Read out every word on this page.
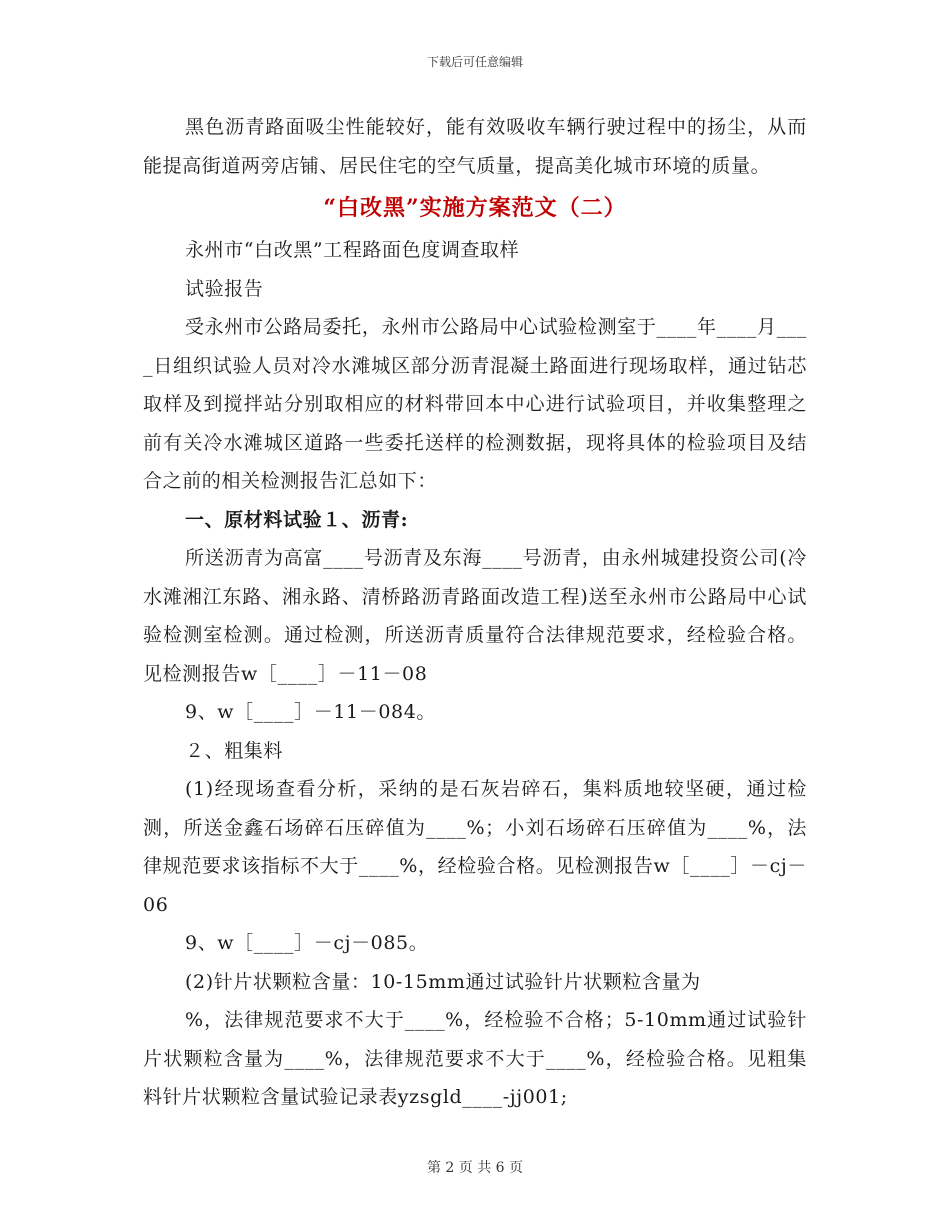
下载后可任意编辑

黑色沥青路面吸尘性能较好，能有效吸收车辆行驶过程中的扬尘，从而能提高街道两旁店铺、居民住宅的空气质量，提高美化城市环境的质量。

“白改黑”实施方案范文（二）

永州市“白改黑”工程路面色度调查取样

试验报告

受永州市公路局委托，永州市公路局中心试验检测室于____年____月____日组织试验人员对冷水滩城区部分沥青混凝土路面进行现场取样，通过钻芯取样及到搅拌站分别取相应的材料带回本中心进行试验项目，并收集整理之前有关冷水滩城区道路一些委托送样的检测数据，现将具体的检验项目及结合之前的相关检测报告汇总如下：

一、原材料试验１、沥青:

所送沥青为高富____号沥青及东海____号沥青，由永州城建投资公司(冷水滩湘江东路、湘永路、清桥路沥青路面改造工程)送至永州市公路局中心试验检测室检测。通过检测，所送沥青质量符合法律规范要求，经检验合格。见检测报告w［____］－11－08

9、w［____］－11－084。

２、粗集料

(1)经现场查看分析，采纳的是石灰岩碎石，集料质地较坚硬，通过检测，所送金鑫石场碎石压碎值为____%；小刘石场碎石压碎值为____%，法律规范要求该指标不大于____%，经检验合格。见检测报告w［____］－cj－06

9、w［____］－cj－085。

(2)针片状颗粒含量：10-15mm通过试验针片状颗粒含量为

%，法律规范要求不大于____%，经检验不合格；5-10mm通过试验针片状颗粒含量为____%，法律规范要求不大于____%，经检验合格。见粗集料针片状颗粒含量试验记录表yzsgld____-jj001;

第 2 页 共 6 页
